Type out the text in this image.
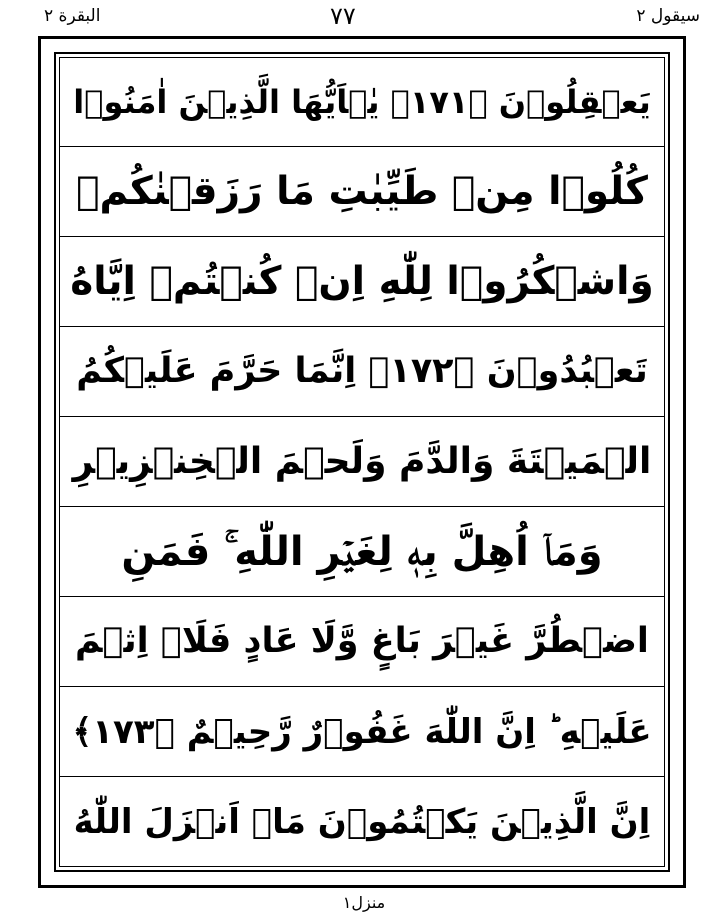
البقرة ٢	٧٧	سيقول ٢
يَعۡقِلُوۡنَ ﴿١٧١﴾ يٰۤاَيُّهَا الَّذِيۡنَ اٰمَنُوۡا
كُلُوۡا مِنۡ طَيِّبٰتِ مَا رَزَقۡنٰكُمۡ
وَاشۡكُرُوۡا لِلّٰهِ اِنۡ كُنۡتُمۡ اِيَّاهُ
تَعۡبُدُوۡنَ ﴿١٧٢﴾ اِنَّمَا حَرَّمَ عَلَيۡكُمُ
الۡمَيۡتَةَ وَالدَّمَ وَلَحۡمَ الۡخِنۡزِيۡرِ
وَمَاۤ اُهِلَّ بِهٖ لِغَيۡرِ اللّٰهِ ۚ فَمَنِ
اضۡطُرَّ غَيۡرَ بَاغٍ وَّلَا عَادٍ فَلَاۤ اِثۡمَ
عَلَيۡهِ ؕ اِنَّ اللّٰهَ غَفُوۡرٌ رَّحِيۡمٌ ﴿١٧٣﴾
اِنَّ الَّذِيۡنَ يَكۡتُمُوۡنَ مَاۤ اَنۡزَلَ اللّٰهُ
منزل١
